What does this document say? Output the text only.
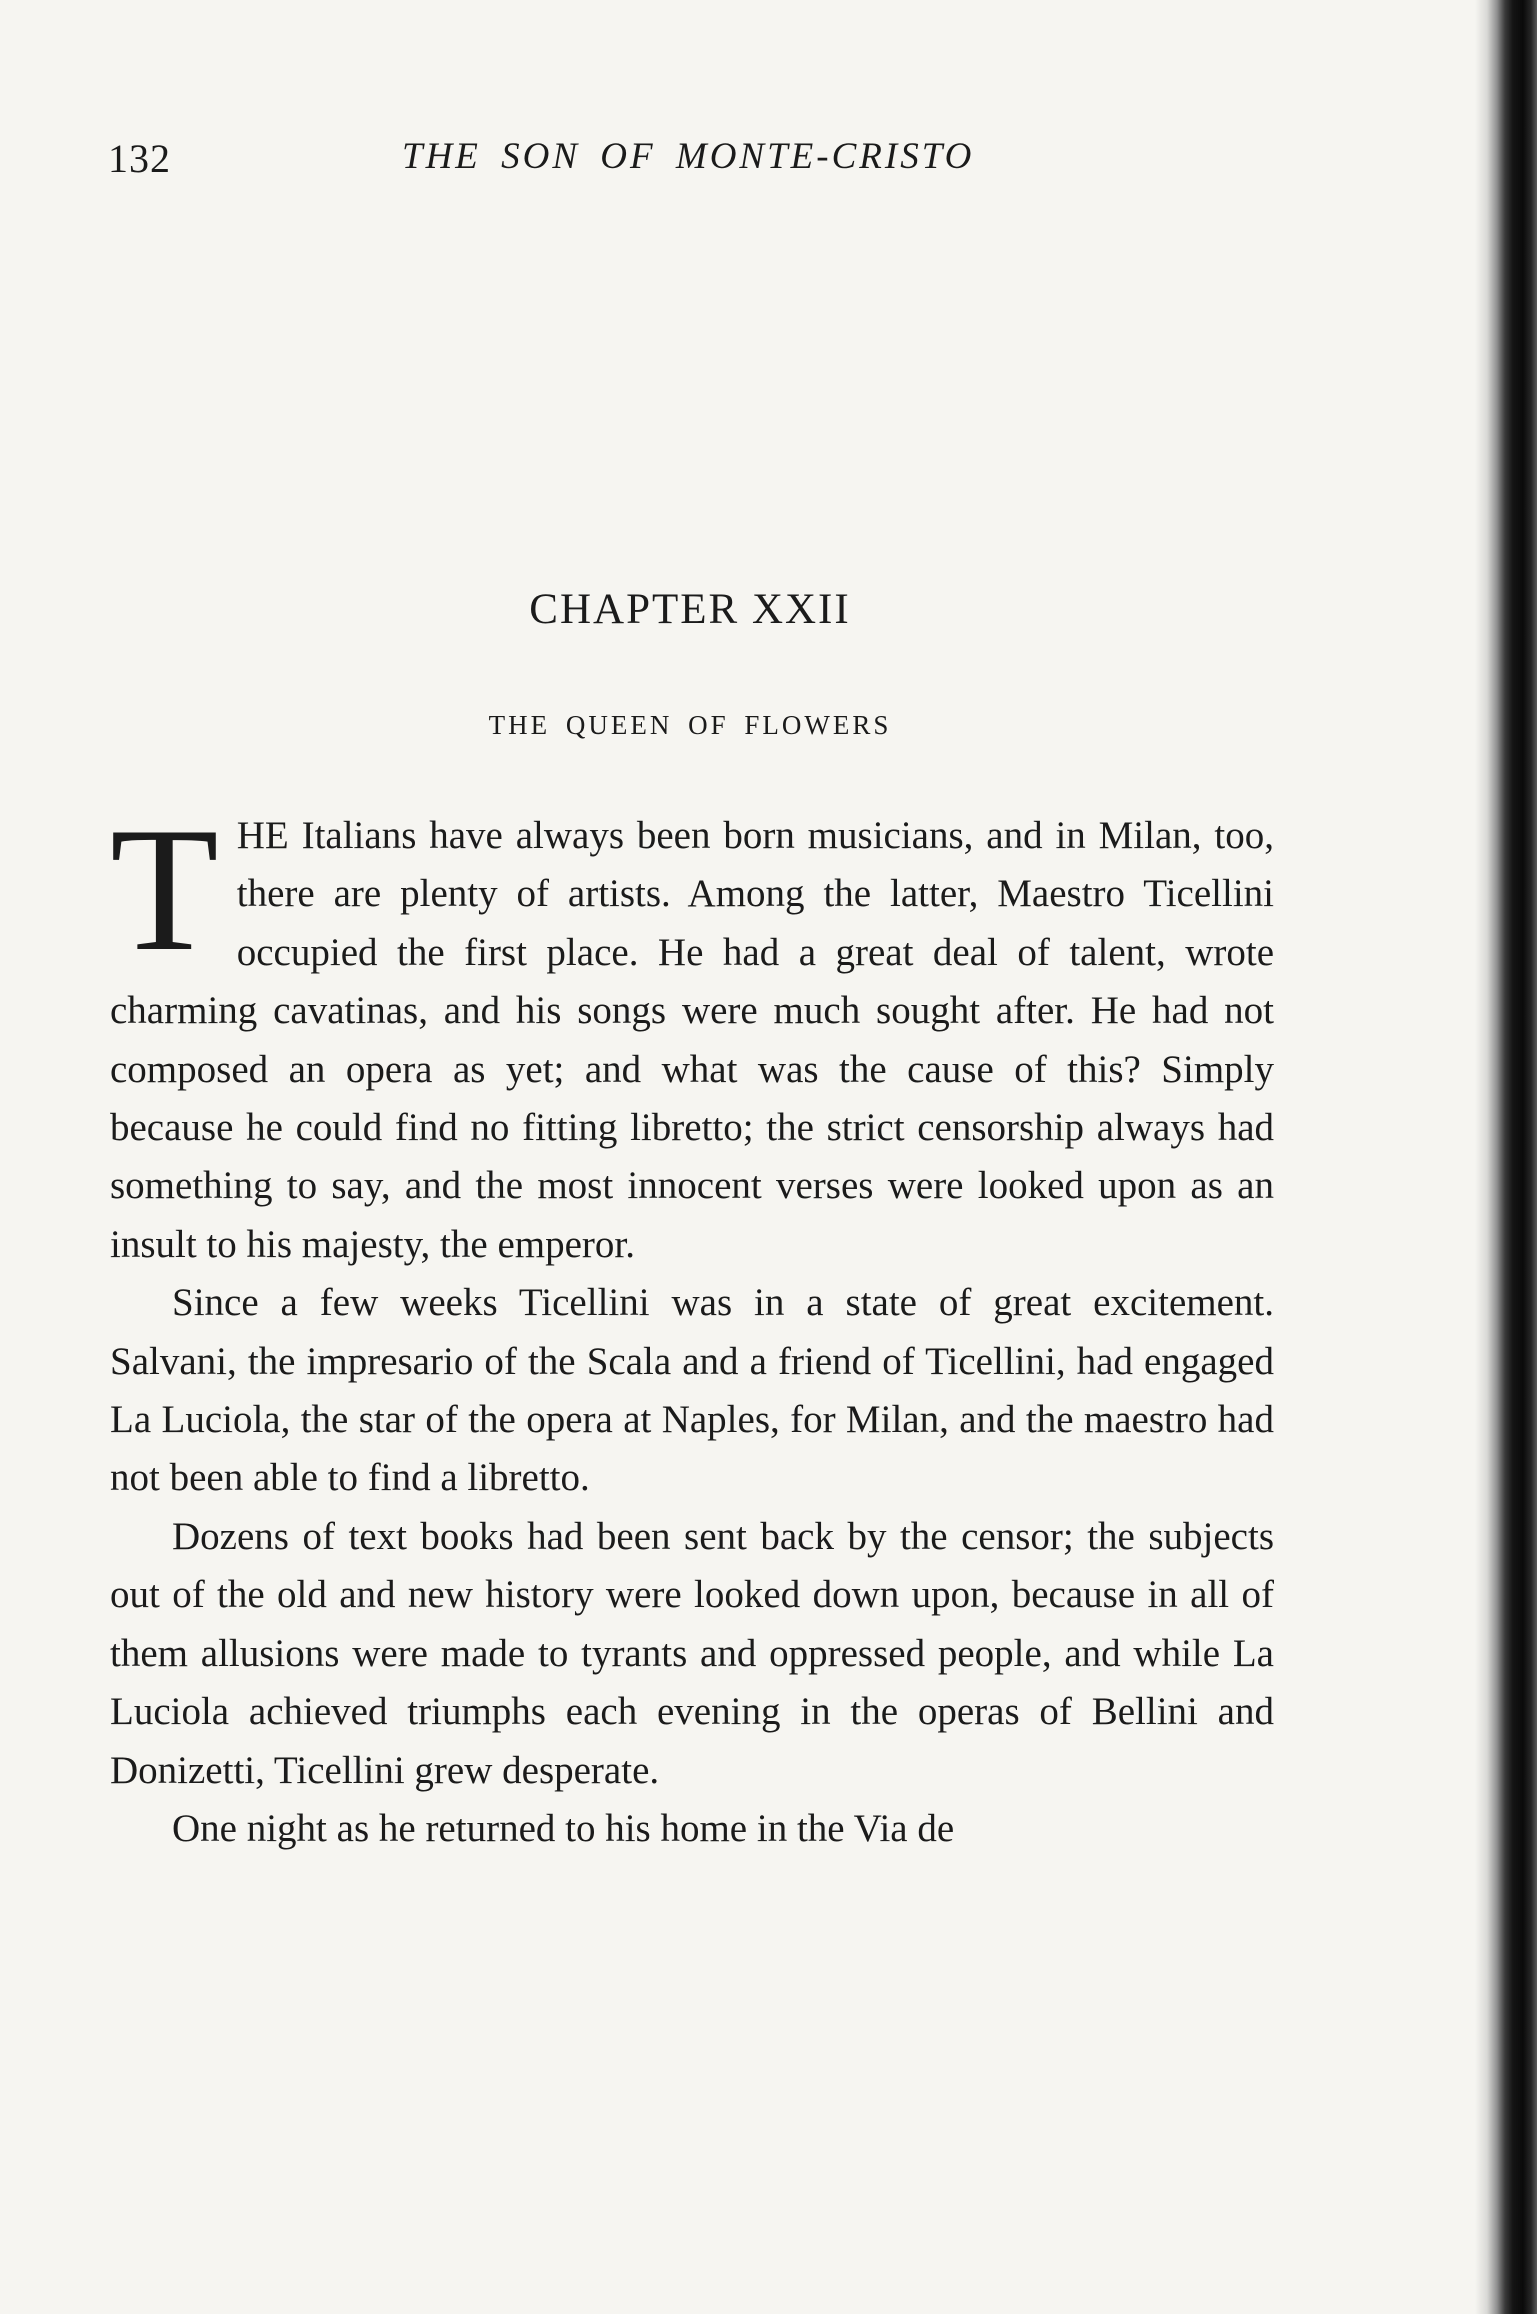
132	THE SON OF MONTE-CRISTO
CHAPTER XXII
THE QUEEN OF FLOWERS

THE Italians have always been born musicians, and in Milan, too, there are plenty of artists. Among the latter, Maestro Ticellini occupied the first place. He had a great deal of talent, wrote charming cavatinas, and his songs were much sought after. He had not composed an opera as yet; and what was the cause of this? Simply because he could find no fitting libretto; the strict censorship always had something to say, and the most innocent verses were looked upon as an insult to his majesty, the emperor.

Since a few weeks Ticellini was in a state of great excitement. Salvani, the impresario of the Scala and a friend of Ticellini, had engaged La Luciola, the star of the opera at Naples, for Milan, and the maestro had not been able to find a libretto.

Dozens of text books had been sent back by the censor; the subjects out of the old and new history were looked down upon, because in all of them allusions were made to tyrants and oppressed people, and while La Luciola achieved triumphs each evening in the operas of Bellini and Donizetti, Ticellini grew desperate.

One night as he returned to his home in the Via de
